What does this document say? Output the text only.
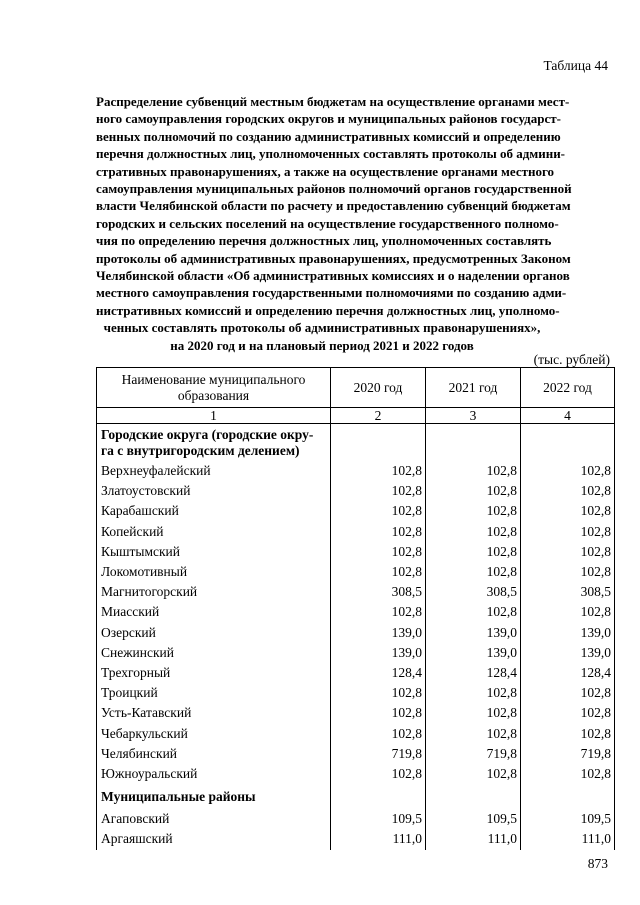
Таблица 44
Распределение субвенций местным бюджетам на осуществление органами мест-
ного самоуправления городских округов и муниципальных районов государст-
венных полномочий по созданию административных комиссий и определению
перечня должностных лиц, уполномоченных составлять протоколы об админи-
стративных правонарушениях, а также на осуществление органами местного
самоуправления муниципальных районов полномочий органов государственной
власти Челябинской области по расчету и предоставлению субвенций бюджетам
городских и сельских поселений на осуществление государственного полномо-
чия по определению перечня должностных лиц, уполномоченных составлять
протоколы об административных правонарушениях, предусмотренных Законом
Челябинской области «Об административных комиссиях и о наделении органов
местного самоуправления государственными полномочиями по созданию адми-
нистративных комиссий и определению перечня должностных лиц, уполномо-
ченных составлять протоколы об административных правонарушениях»,
на 2020 год и на плановый период 2021 и 2022 годов
(тыс. рублей)
Наименование муниципального образования	2020 год	2021 год	2022 год
1	2	3	4
Городские округа (городские окру-
га с внутригородским делением)			
Верхнеуфалейский	102,8	102,8	102,8
Златоустовский	102,8	102,8	102,8
Карабашский	102,8	102,8	102,8
Копейский	102,8	102,8	102,8
Кыштымский	102,8	102,8	102,8
Локомотивный	102,8	102,8	102,8
Магнитогорский	308,5	308,5	308,5
Миасский	102,8	102,8	102,8
Озерский	139,0	139,0	139,0
Снежинский	139,0	139,0	139,0
Трехгорный	128,4	128,4	128,4
Троицкий	102,8	102,8	102,8
Усть-Катавский	102,8	102,8	102,8
Чебаркульский	102,8	102,8	102,8
Челябинский	719,8	719,8	719,8
Южноуральский	102,8	102,8	102,8
Муниципальные районы			
Агаповский	109,5	109,5	109,5
Аргаяшский	111,0	111,0	111,0
873
